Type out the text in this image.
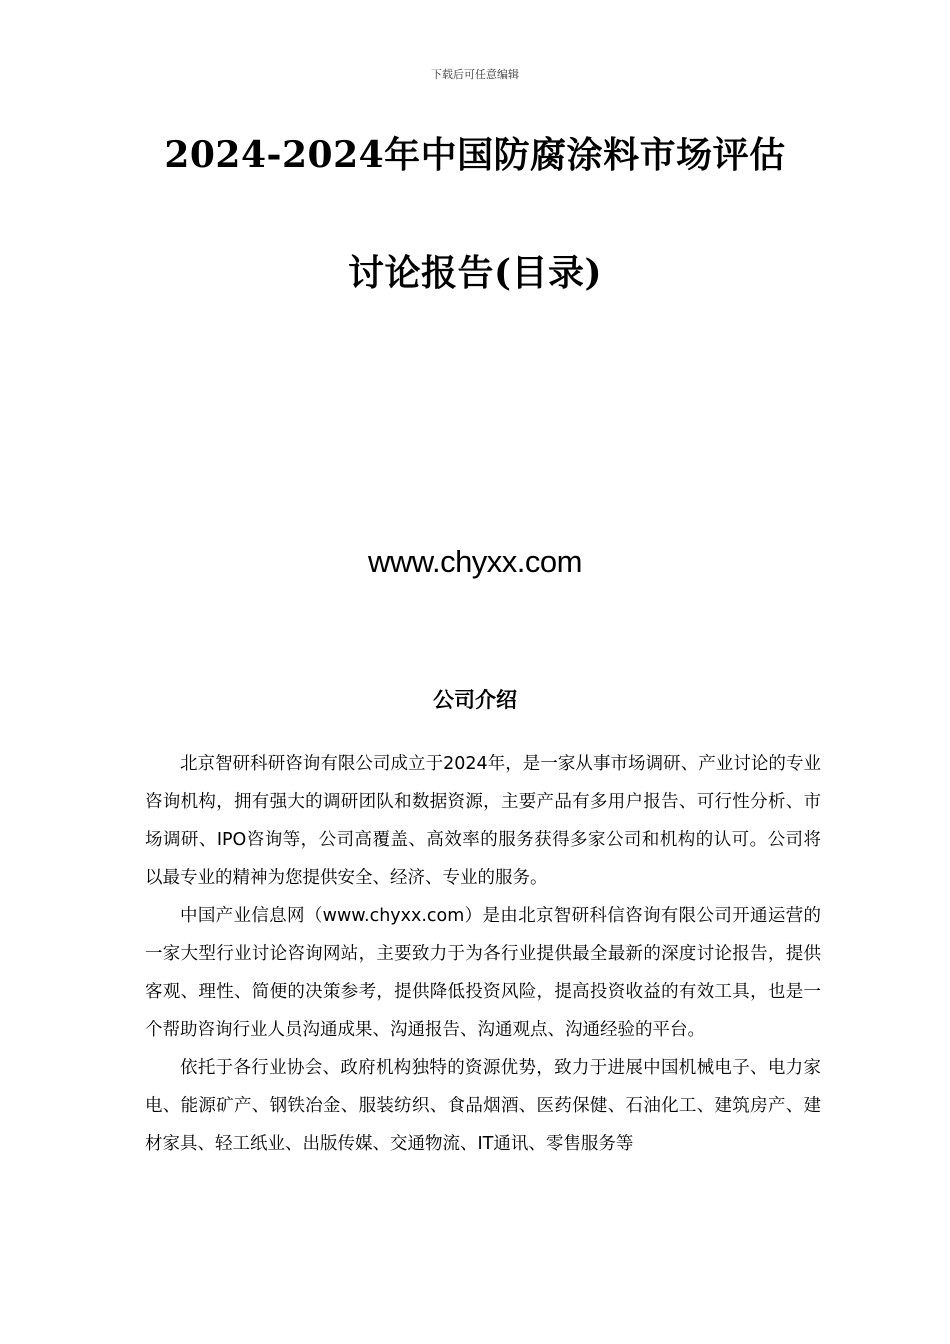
下载后可任意编辑
2024-2024年中国防腐涂料市场评估
讨论报告(目录)
www.chyxx.com
公司介绍

北京智研科研咨询有限公司成立于2024年，是一家从事市场调研、产业讨论的专业咨询机构，拥有强大的调研团队和数据资源，主要产品有多用户报告、可行性分析、市场调研、IPO咨询等，公司高覆盖、高效率的服务获得多家公司和机构的认可。公司将以最专业的精神为您提供安全、经济、专业的服务。

中国产业信息网（www.chyxx.com）是由北京智研科信咨询有限公司开通运营的一家大型行业讨论咨询网站，主要致力于为各行业提供最全最新的深度讨论报告，提供客观、理性、简便的决策参考，提供降低投资风险，提高投资收益的有效工具，也是一个帮助咨询行业人员沟通成果、沟通报告、沟通观点、沟通经验的平台。

依托于各行业协会、政府机构独特的资源优势，致力于进展中国机械电子、电力家电、能源矿产、钢铁冶金、服装纺织、食品烟酒、医药保健、石油化工、建筑房产、建材家具、轻工纸业、出版传媒、交通物流、IT通讯、零售服务等
